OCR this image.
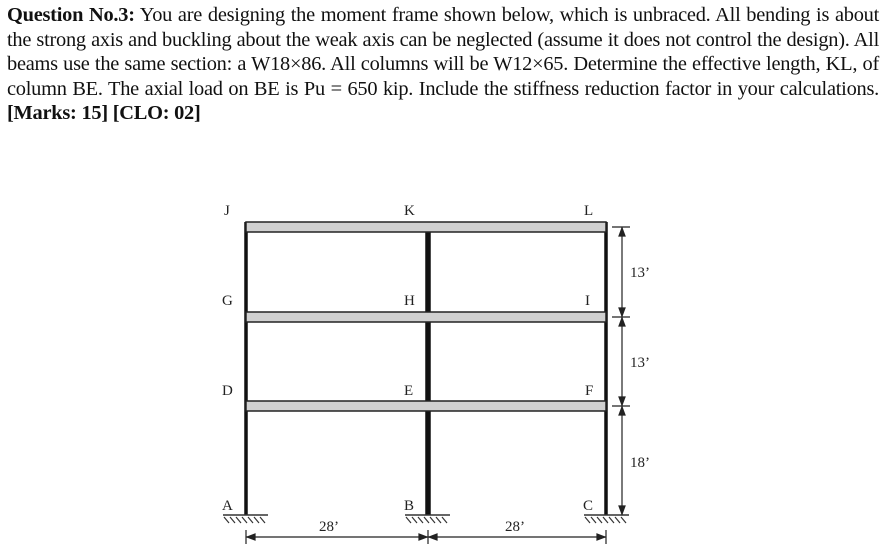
Question No.3: You are designing the moment frame shown below, which is unbraced. All bending is about the strong axis and buckling about the weak axis can be neglected (assume it does not control the design). All beams use the same section: a W18×86. All columns will be W12×65. Determine the effective length, KL, of column BE. The axial load on BE is Pu = 650 kip. Include the stiffness reduction factor in your calculations. [Marks: 15] [CLO: 02]
J	K	L
G	H	I
D	E	F
A	B	C
13’
13’
18’
28’	28’
